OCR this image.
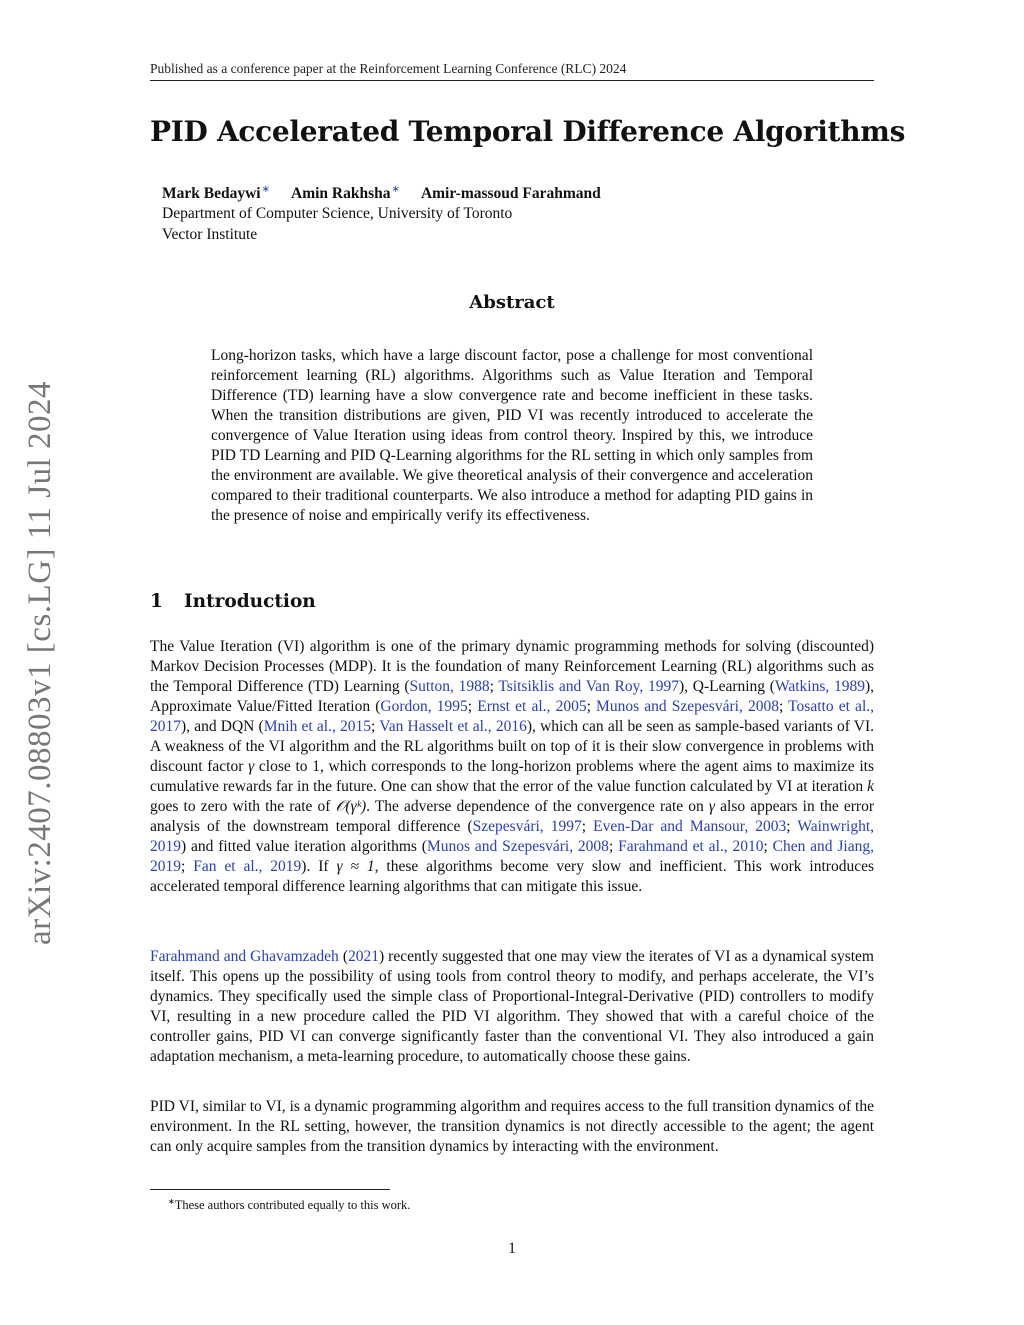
Published as a conference paper at the Reinforcement Learning Conference (RLC) 2024
arXiv:2407.08803v1 [cs.LG] 11 Jul 2024
PID Accelerated Temporal Difference Algorithms
Mark Bedaywi∗ Amin Rakhsha∗ Amir-massoud Farahmand
Department of Computer Science, University of Toronto
Vector Institute
Abstract
Long-horizon tasks, which have a large discount factor, pose a challenge for most conventional reinforcement learning (RL) algorithms. Algorithms such as Value Iteration and Temporal Difference (TD) learning have a slow convergence rate and become inefficient in these tasks. When the transition distributions are given, PID VI was recently introduced to accelerate the convergence of Value Iteration using ideas from control theory. Inspired by this, we introduce PID TD Learning and PID Q-Learning algorithms for the RL setting in which only samples from the environment are available. We give theoretical analysis of their convergence and acceleration compared to their traditional counterparts. We also introduce a method for adapting PID gains in the presence of noise and empirically verify its effectiveness.
1 Introduction
The Value Iteration (VI) algorithm is one of the primary dynamic programming methods for solving (discounted) Markov Decision Processes (MDP). It is the foundation of many Reinforcement Learning (RL) algorithms such as the Temporal Difference (TD) Learning (Sutton, 1988; Tsitsiklis and Van Roy, 1997), Q-Learning (Watkins, 1989), Approximate Value/Fitted Iteration (Gordon, 1995; Ernst et al., 2005; Munos and Szepesvári, 2008; Tosatto et al., 2017), and DQN (Mnih et al., 2015; Van Hasselt et al., 2016), which can all be seen as sample-based variants of VI. A weakness of the VI algorithm and the RL algorithms built on top of it is their slow convergence in problems with discount factor γ close to 1, which corresponds to the long-horizon problems where the agent aims to maximize its cumulative rewards far in the future. One can show that the error of the value function calculated by VI at iteration k goes to zero with the rate of 𝒪(γᵏ). The adverse dependence of the convergence rate on γ also appears in the error analysis of the downstream temporal difference (Szepesvári, 1997; Even-Dar and Mansour, 2003; Wainwright, 2019) and fitted value iteration algorithms (Munos and Szepesvári, 2008; Farahmand et al., 2010; Chen and Jiang, 2019; Fan et al., 2019). If γ ≈ 1, these algorithms become very slow and inefficient. This work introduces accelerated temporal difference learning algorithms that can mitigate this issue.
Farahmand and Ghavamzadeh (2021) recently suggested that one may view the iterates of VI as a dynamical system itself. This opens up the possibility of using tools from control theory to modify, and perhaps accelerate, the VI’s dynamics. They specifically used the simple class of Proportional-Integral-Derivative (PID) controllers to modify VI, resulting in a new procedure called the PID VI algorithm. They showed that with a careful choice of the controller gains, PID VI can converge significantly faster than the conventional VI. They also introduced a gain adaptation mechanism, a meta-learning procedure, to automatically choose these gains.
PID VI, similar to VI, is a dynamic programming algorithm and requires access to the full transition dynamics of the environment. In the RL setting, however, the transition dynamics is not directly accessible to the agent; the agent can only acquire samples from the transition dynamics by interacting with the environment.
∗These authors contributed equally to this work.
1
